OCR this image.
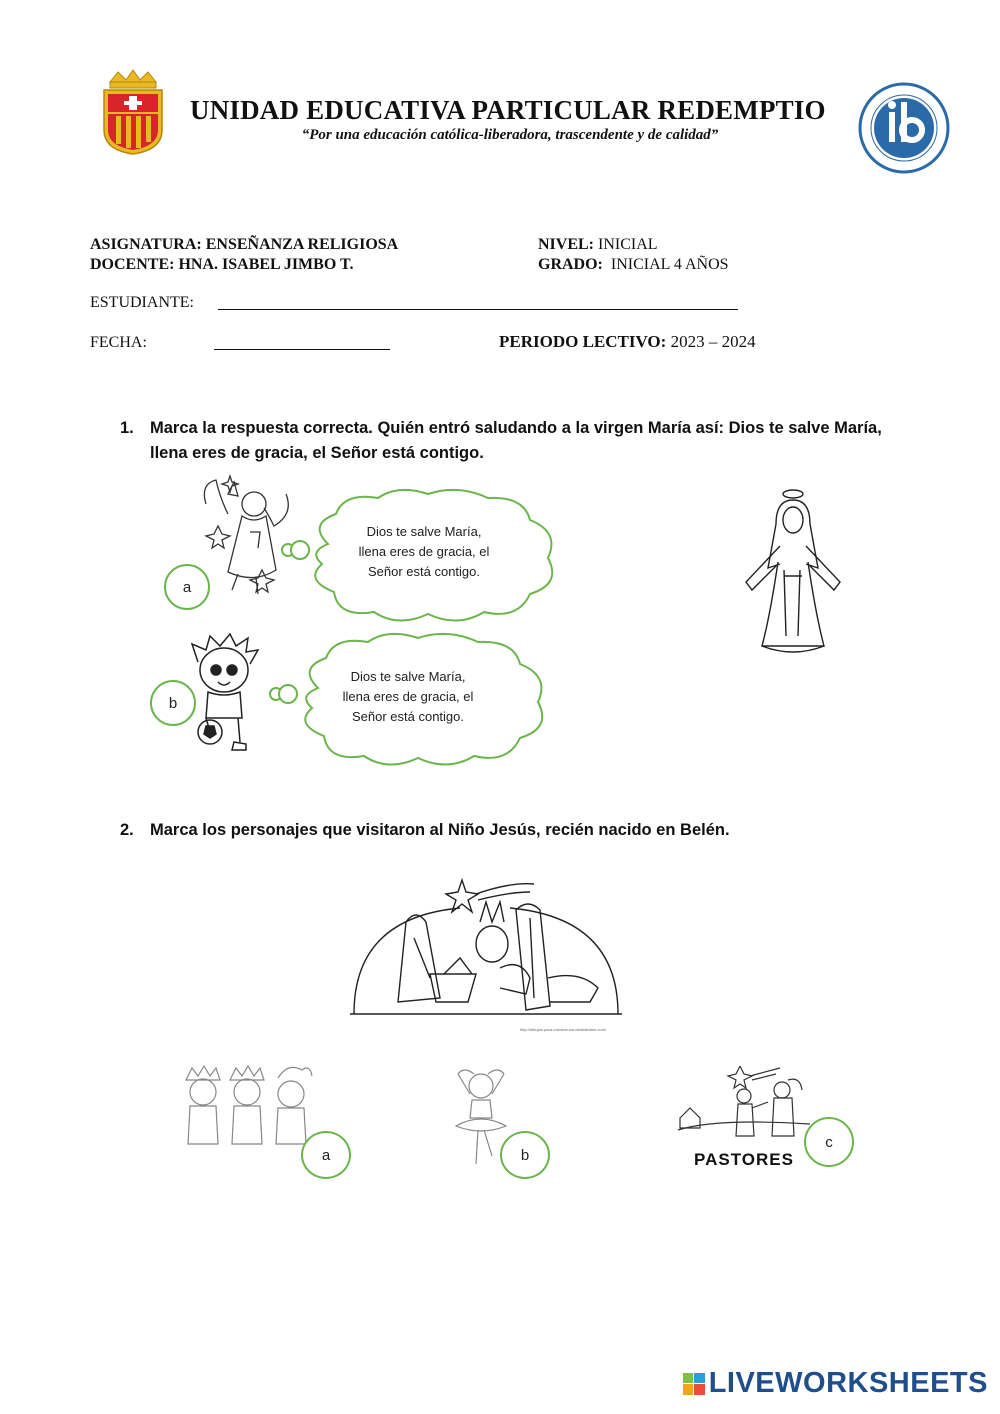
UNIDAD EDUCATIVA PARTICULAR REDEMPTIO
“Por una educación católica-liberadora, trascendente y de calidad”
ASIGNATURA: ENSEÑANZA RELIGIOSA
DOCENTE: HNA. ISABEL JIMBO T.
NIVEL: INICIAL
GRADO: INICIAL 4 AÑOS
ESTUDIANTE:
FECHA:	PERIODO LECTIVO: 2023 – 2024
1. Marca la respuesta correcta. Quién entró saludando a la virgen María así: Dios te salve María, llena eres de gracia, el Señor está contigo.
Dios te salve María,
llena eres de gracia, el
Señor está contigo.
a
Dios te salve María,
llena eres de gracia, el
Señor está contigo.
b
2. Marca los personajes que visitaron al Niño Jesús, recién nacido en Belén.
http://dibujos-para-colorear.eurorealdientes.com/
a	b	PASTORES
c
LIVEWORKSHEETS
